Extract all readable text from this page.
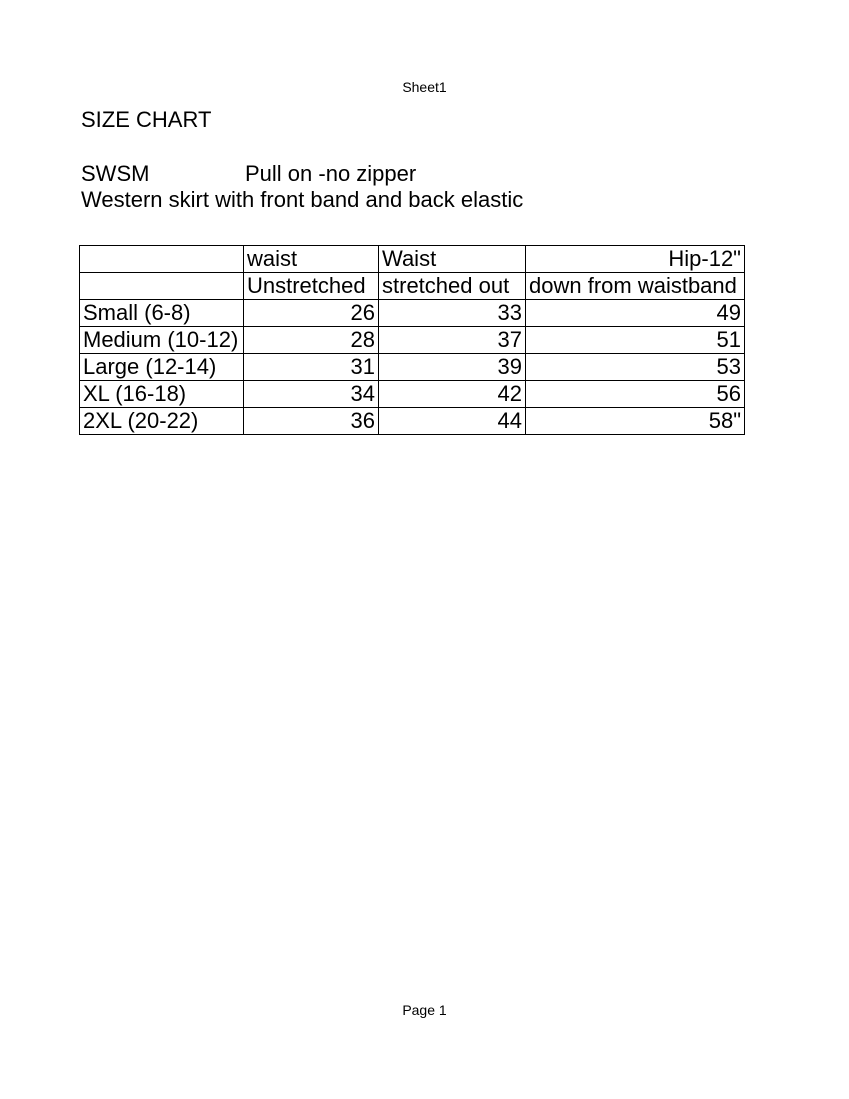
Sheet1
SIZE CHART
SWSM	Pull on -no zipper
Western skirt with front band and back elastic
	waist	Waist	Hip-12"
	Unstretched	stretched out	down from waistband
Small (6-8)	26	33	49
Medium (10-12)	28	37	51
Large (12-14)	31	39	53
XL (16-18)	34	42	56
2XL (20-22)	36	44	58"
Page 1
